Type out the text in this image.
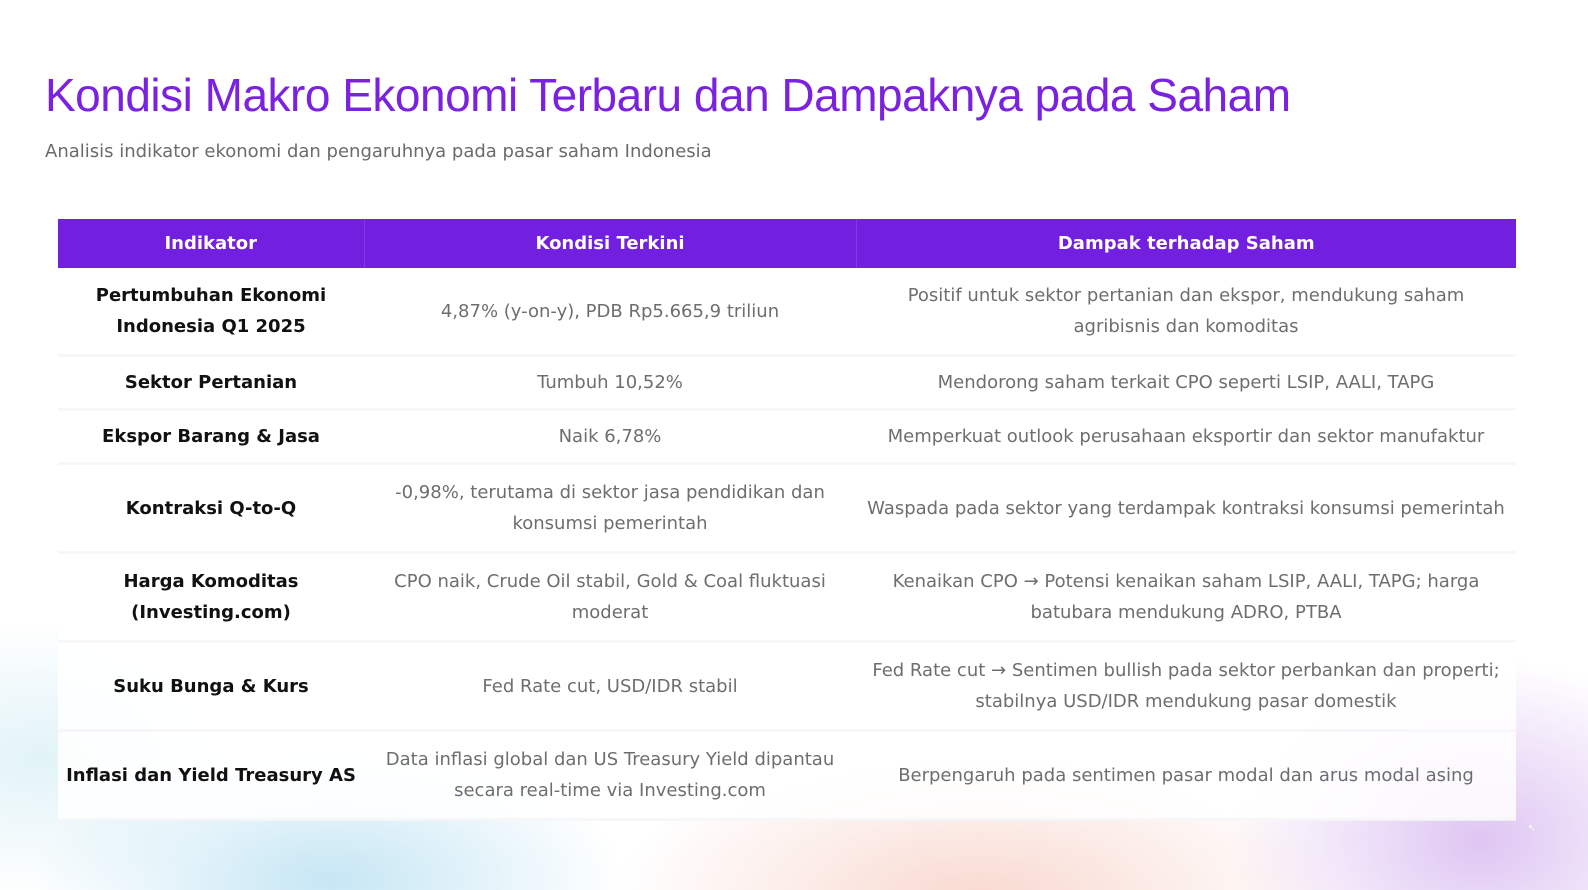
Kondisi Makro Ekonomi Terbaru dan Dampaknya pada Saham

Analisis indikator ekonomi dan pengaruhnya pada pasar saham Indonesia

Indikator	Kondisi Terkini	Dampak terhadap Saham
Pertumbuhan Ekonomi Indonesia Q1 2025	4,87% (y-on-y), PDB Rp5.665,9 triliun	Positif untuk sektor pertanian dan ekspor, mendukung saham agribisnis dan komoditas
Sektor Pertanian	Tumbuh 10,52%	Mendorong saham terkait CPO seperti LSIP, AALI, TAPG
Ekspor Barang & Jasa	Naik 6,78%	Memperkuat outlook perusahaan eksportir dan sektor manufaktur
Kontraksi Q-to-Q	-0,98%, terutama di sektor jasa pendidikan dan konsumsi pemerintah	Waspada pada sektor yang terdampak kontraksi konsumsi pemerintah
Harga Komoditas (Investing.com)	CPO naik, Crude Oil stabil, Gold & Coal fluktuasi moderat	Kenaikan CPO → Potensi kenaikan saham LSIP, AALI, TAPG; harga batubara mendukung ADRO, PTBA
Suku Bunga & Kurs	Fed Rate cut, USD/IDR stabil	Fed Rate cut → Sentimen bullish pada sektor perbankan dan properti; stabilnya USD/IDR mendukung pasar domestik
Inflasi dan Yield Treasury AS	Data inflasi global dan US Treasury Yield dipantau secara real-time via Investing.com	Berpengaruh pada sentimen pasar modal dan arus modal asing
↖
